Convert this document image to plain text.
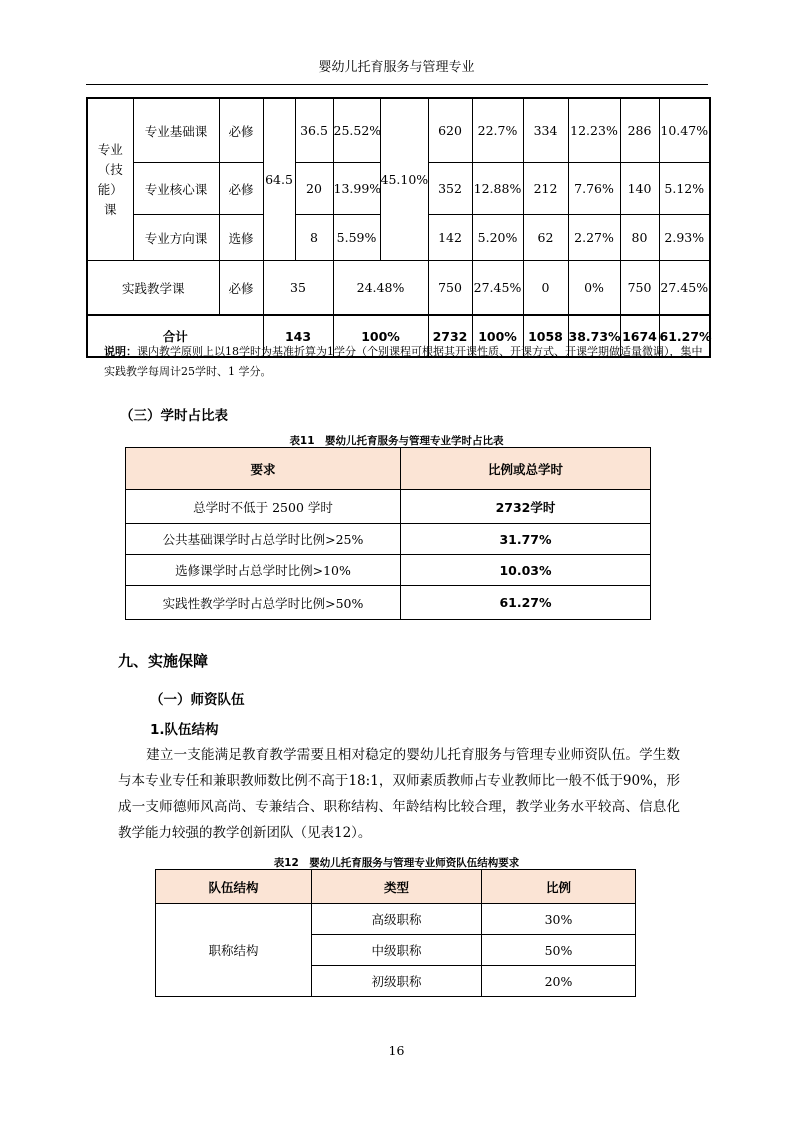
婴幼儿托育服务与管理专业
专业（技能）课	专业基础课	必修	64.5	36.5	25.52%	45.10%	620	22.7%	334	12.23%	286	10.47%
	专业核心课	必修		20	13.99%		352	12.88%	212	7.76%	140	5.12%
	专业方向课	选修		8	5.59%		142	5.20%	62	2.27%	80	2.93%
实践教学课		必修	35		24.48%		750	27.45%	0	0%	750	27.45%
合计			143		100%		2732	100%	1058	38.73%	1674	61.27%
说明：课内教学原则上以18学时为基准折算为1学分（个别课程可根据其开课性质、开课方式、开课学期做适量微调），集中实践教学每周计25学时、1 学分。
（三）学时占比表
表11　婴幼儿托育服务与管理专业学时占比表
要求	比例或总学时
总学时不低于 2500 学时	2732学时
公共基础课学时占总学时比例>25%	31.77%
选修课学时占总学时比例>10%	10.03%
实践性教学学时占总学时比例>50%	61.27%
九、实施保障
（一）师资队伍
1.队伍结构
建立一支能满足教育教学需要且相对稳定的婴幼儿托育服务与管理专业师资队伍。学生数与本专业专任和兼职教师数比例不高于18:1，双师素质教师占专业教师比一般不低于90%，形成一支师德师风高尚、专兼结合、职称结构、年龄结构比较合理，教学业务水平较高、信息化教学能力较强的教学创新团队（见表12）。
表12　婴幼儿托育服务与管理专业师资队伍结构要求
队伍结构	类型	比例
职称结构	高级职称	30%
	中级职称	50%
	初级职称	20%
16
